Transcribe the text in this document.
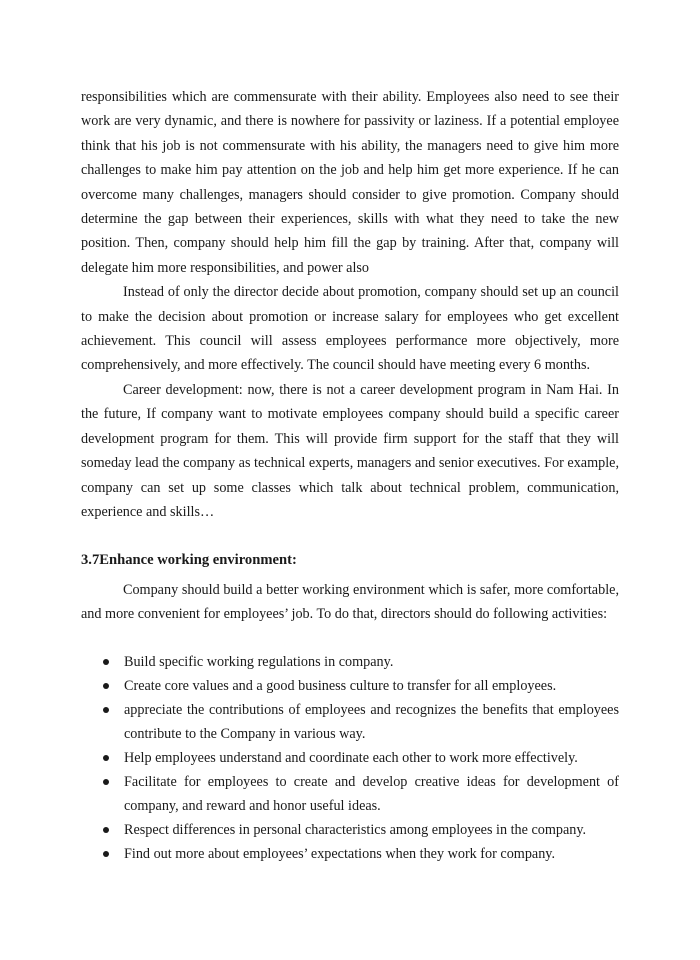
responsibilities which are commensurate with their ability. Employees also need to see their work are very dynamic, and there is nowhere for passivity or laziness. If a potential employee think that his job is not commensurate with his ability, the managers need to give him more challenges to make him pay attention on the job and help him get more experience. If he can overcome many challenges, managers should consider to give promotion. Company should determine the gap between their experiences, skills with what they need to take the new position. Then, company should help him fill the gap by training. After that, company will delegate him more responsibilities, and power also

Instead of only the director decide about promotion, company should set up an council to make the decision about promotion or increase salary for employees who get excellent achievement. This council will assess employees performance more objectively, more comprehensively, and more effectively. The council should have meeting every 6 months.

Career development: now, there is not a career development program in Nam Hai. In the future, If company want to motivate employees company should build a specific career development program for them. This will provide firm support for the staff that they will someday lead the company as technical experts, managers and senior executives. For example, company can set up some classes which talk about technical problem, communication, experience and skills…

3.7Enhance working environment:

Company should build a better working environment which is safer, more comfortable, and more convenient for employees’ job. To do that, directors should do following activities:

Build specific working regulations in company.
Create core values and a good business culture to transfer for all employees.
appreciate the contributions of employees and recognizes the benefits that employees contribute to the Company in various way.
Help employees understand and coordinate each other to work more effectively.
Facilitate for employees to create and develop creative ideas for development of company, and reward and honor useful ideas.
Respect differences in personal characteristics among employees in the company.
Find out more about employees’ expectations when they work for company.
